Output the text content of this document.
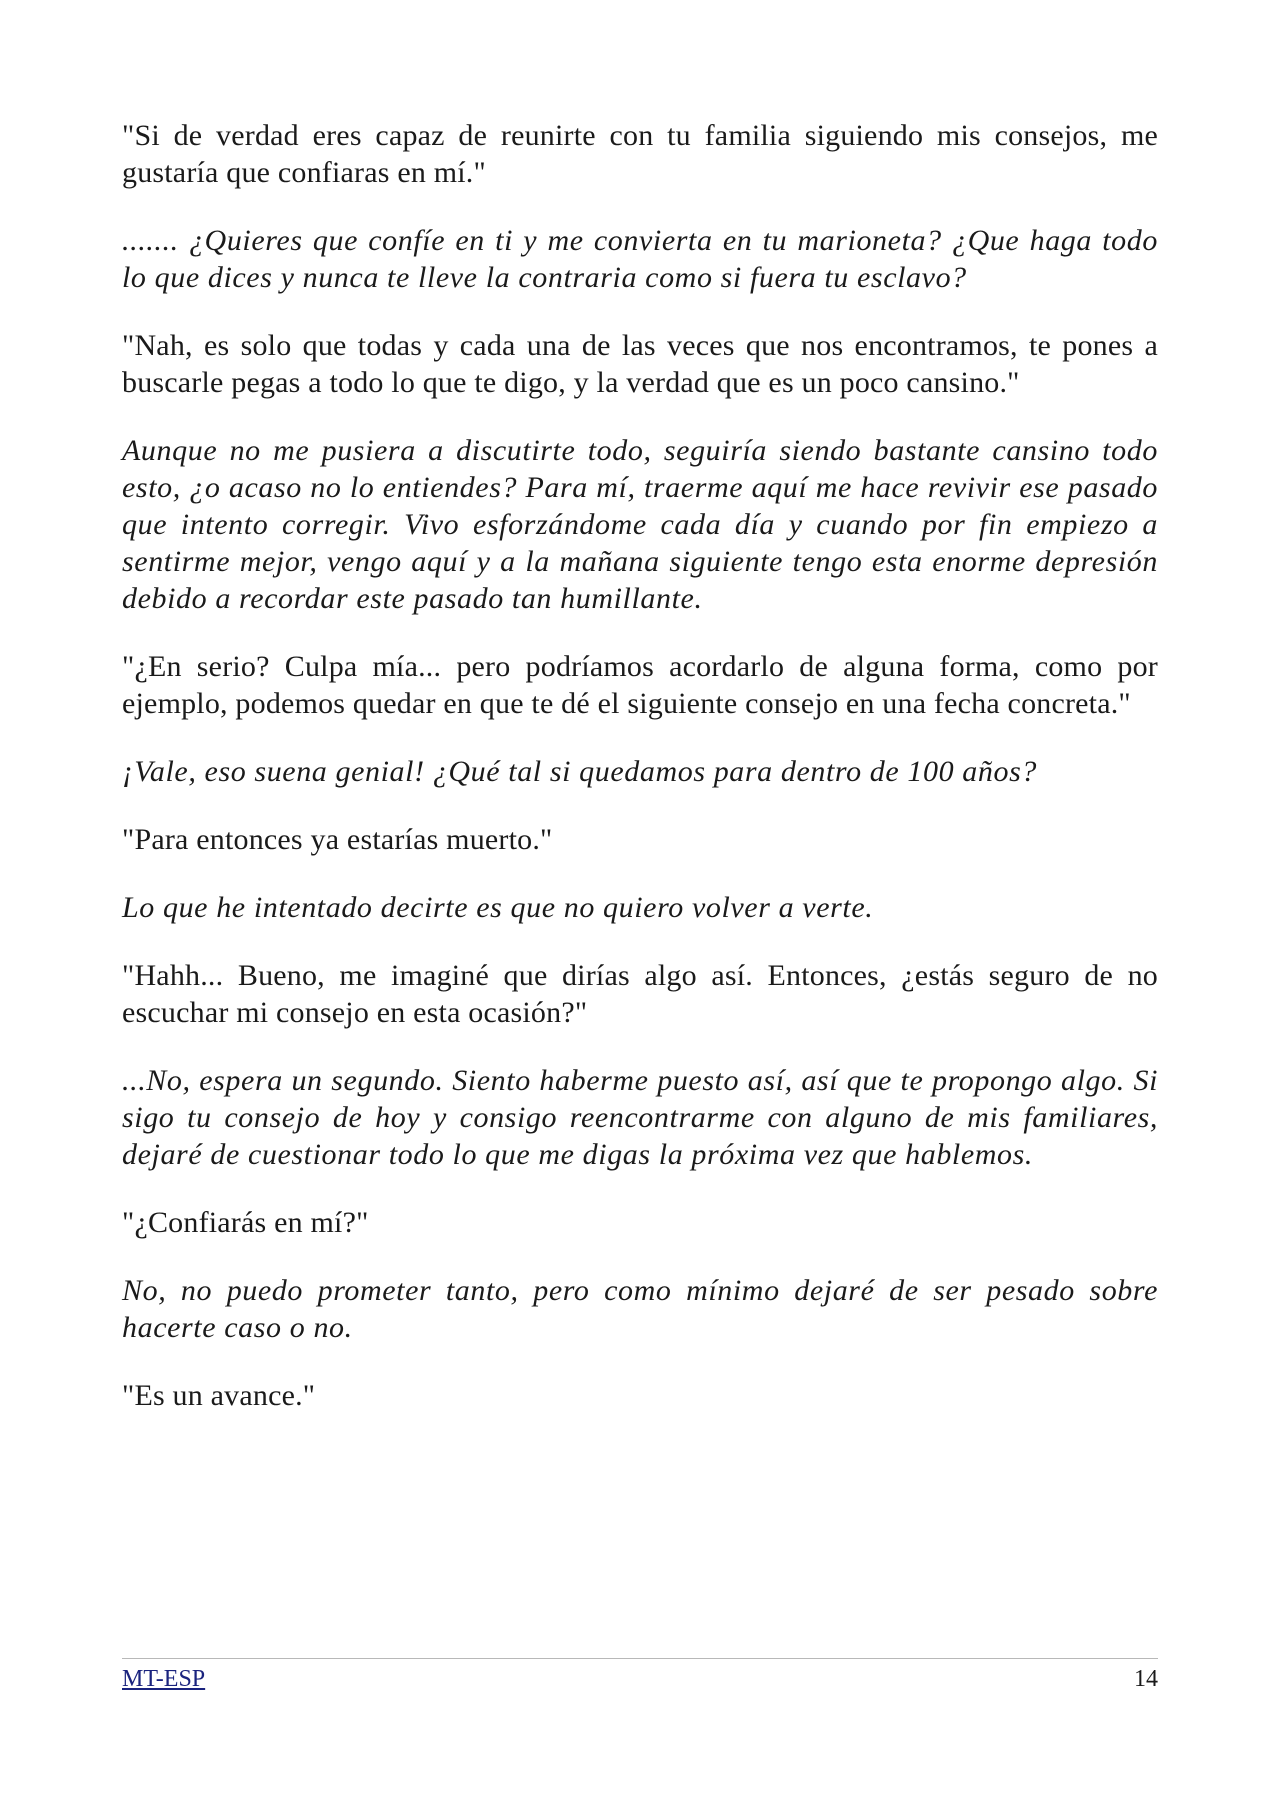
"Si de verdad eres capaz de reunirte con tu familia siguiendo mis consejos, me gustaría que confiaras en mí."

....... ¿Quieres que confíe en ti y me convierta en tu marioneta? ¿Que haga todo lo que dices y nunca te lleve la contraria como si fuera tu esclavo?

"Nah, es solo que todas y cada una de las veces que nos encontramos, te pones a buscarle pegas a todo lo que te digo, y la verdad que es un poco cansino."

Aunque no me pusiera a discutirte todo, seguiría siendo bastante cansino todo esto, ¿o acaso no lo entiendes? Para mí, traerme aquí me hace revivir ese pasado que intento corregir. Vivo esforzándome cada día y cuando por fin empiezo a sentirme mejor, vengo aquí y a la mañana siguiente tengo esta enorme depresión debido a recordar este pasado tan humillante.

"¿En serio? Culpa mía... pero podríamos acordarlo de alguna forma, como por ejemplo, podemos quedar en que te dé el siguiente consejo en una fecha concreta."

¡Vale, eso suena genial! ¿Qué tal si quedamos para dentro de 100 años?

"Para entonces ya estarías muerto."

Lo que he intentado decirte es que no quiero volver a verte.

"Hahh... Bueno, me imaginé que dirías algo así. Entonces, ¿estás seguro de no escuchar mi consejo en esta ocasión?"

...No, espera un segundo. Siento haberme puesto así, así que te propongo algo. Si sigo tu consejo de hoy y consigo reencontrarme con alguno de mis familiares, dejaré de cuestionar todo lo que me digas la próxima vez que hablemos.

"¿Confiarás en mí?"

No, no puedo prometer tanto, pero como mínimo dejaré de ser pesado sobre hacerte caso o no.

"Es un avance."

MT-ESP	14
